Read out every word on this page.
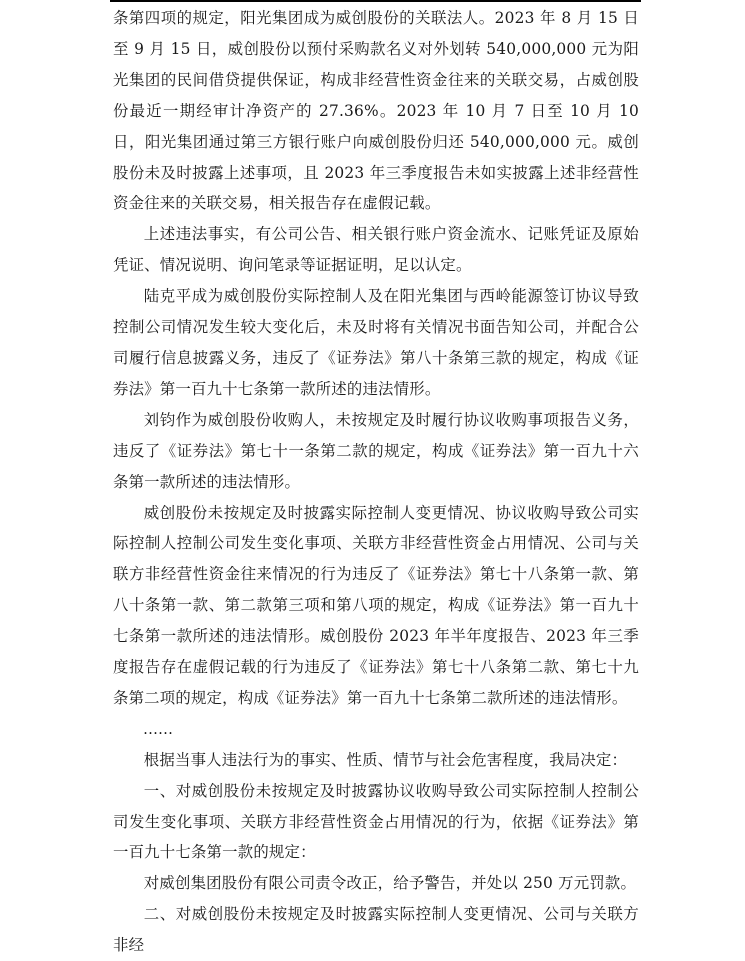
条第四项的规定，阳光集团成为威创股份的关联法人。2023 年 8 月 15 日至 9 月 15 日，威创股份以预付采购款名义对外划转 540,000,000 元为阳光集团的民间借贷提供保证，构成非经营性资金往来的关联交易，占威创股份最近一期经审计净资产的 27.36%。2023 年 10 月 7 日至 10 月 10 日，阳光集团通过第三方银行账户向威创股份归还 540,000,000 元。威创股份未及时披露上述事项，且 2023 年三季度报告未如实披露上述非经营性资金往来的关联交易，相关报告存在虚假记载。

上述违法事实，有公司公告、相关银行账户资金流水、记账凭证及原始凭证、情况说明、询问笔录等证据证明，足以认定。

陆克平成为威创股份实际控制人及在阳光集团与西岭能源签订协议导致控制公司情况发生较大变化后，未及时将有关情况书面告知公司，并配合公司履行信息披露义务，违反了《证券法》第八十条第三款的规定，构成《证券法》第一百九十七条第一款所述的违法情形。

刘钧作为威创股份收购人，未按规定及时履行协议收购事项报告义务，违反了《证券法》第七十一条第二款的规定，构成《证券法》第一百九十六条第一款所述的违法情形。

威创股份未按规定及时披露实际控制人变更情况、协议收购导致公司实际控制人控制公司发生变化事项、关联方非经营性资金占用情况、公司与关联方非经营性资金往来情况的行为违反了《证券法》第七十八条第一款、第八十条第一款、第二款第三项和第八项的规定，构成《证券法》第一百九十七条第一款所述的违法情形。威创股份 2023 年半年度报告、2023 年三季度报告存在虚假记载的行为违反了《证券法》第七十八条第二款、第七十九条第二项的规定，构成《证券法》第一百九十七条第二款所述的违法情形。

……

根据当事人违法行为的事实、性质、情节与社会危害程度，我局决定：

一、对威创股份未按规定及时披露协议收购导致公司实际控制人控制公司发生变化事项、关联方非经营性资金占用情况的行为，依据《证券法》第一百九十七条第一款的规定：

对威创集团股份有限公司责令改正，给予警告，并处以 250 万元罚款。

二、对威创股份未按规定及时披露实际控制人变更情况、公司与关联方非经
